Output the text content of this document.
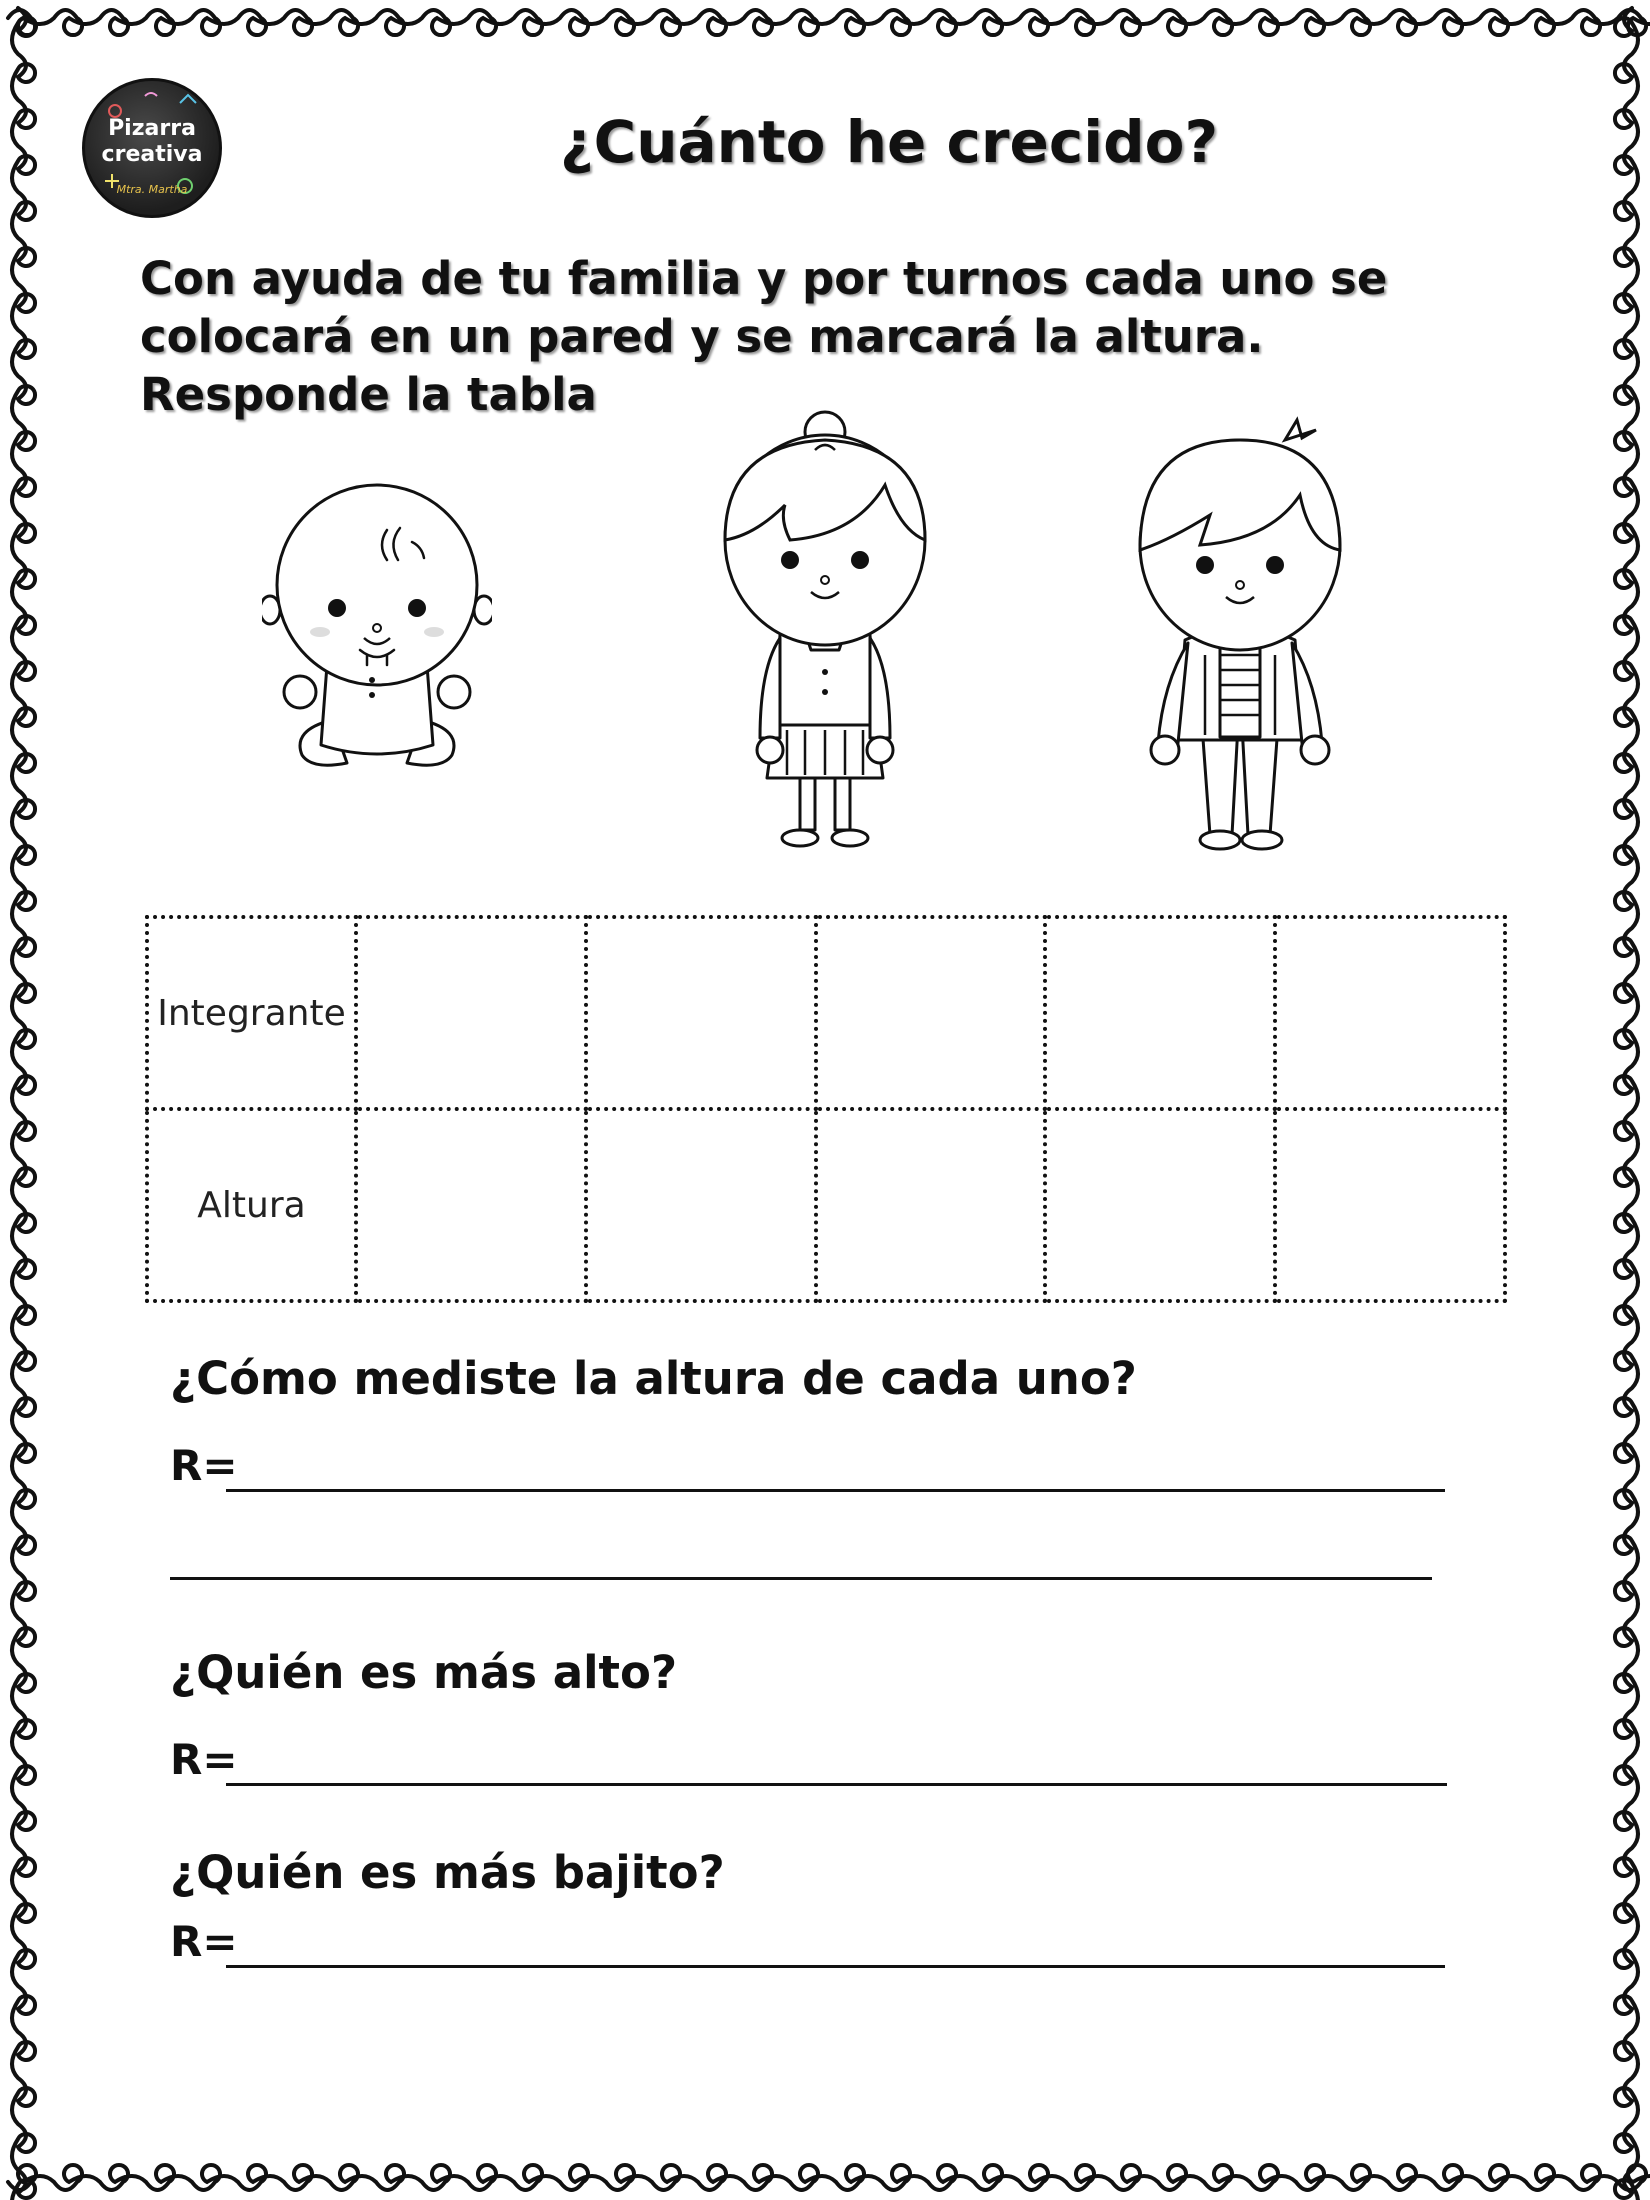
Pizarra
creativa
Mtra. Martha
¿Cuánto he crecido?
Con ayuda de tu familia y por turnos cada uno se colocará en un pared y se marcará la altura. Responde la tabla
Integrante					
Altura					
¿Cómo mediste la altura de cada uno?
R=
¿Quién es más alto?
R=
¿Quién es más bajito?
R=
